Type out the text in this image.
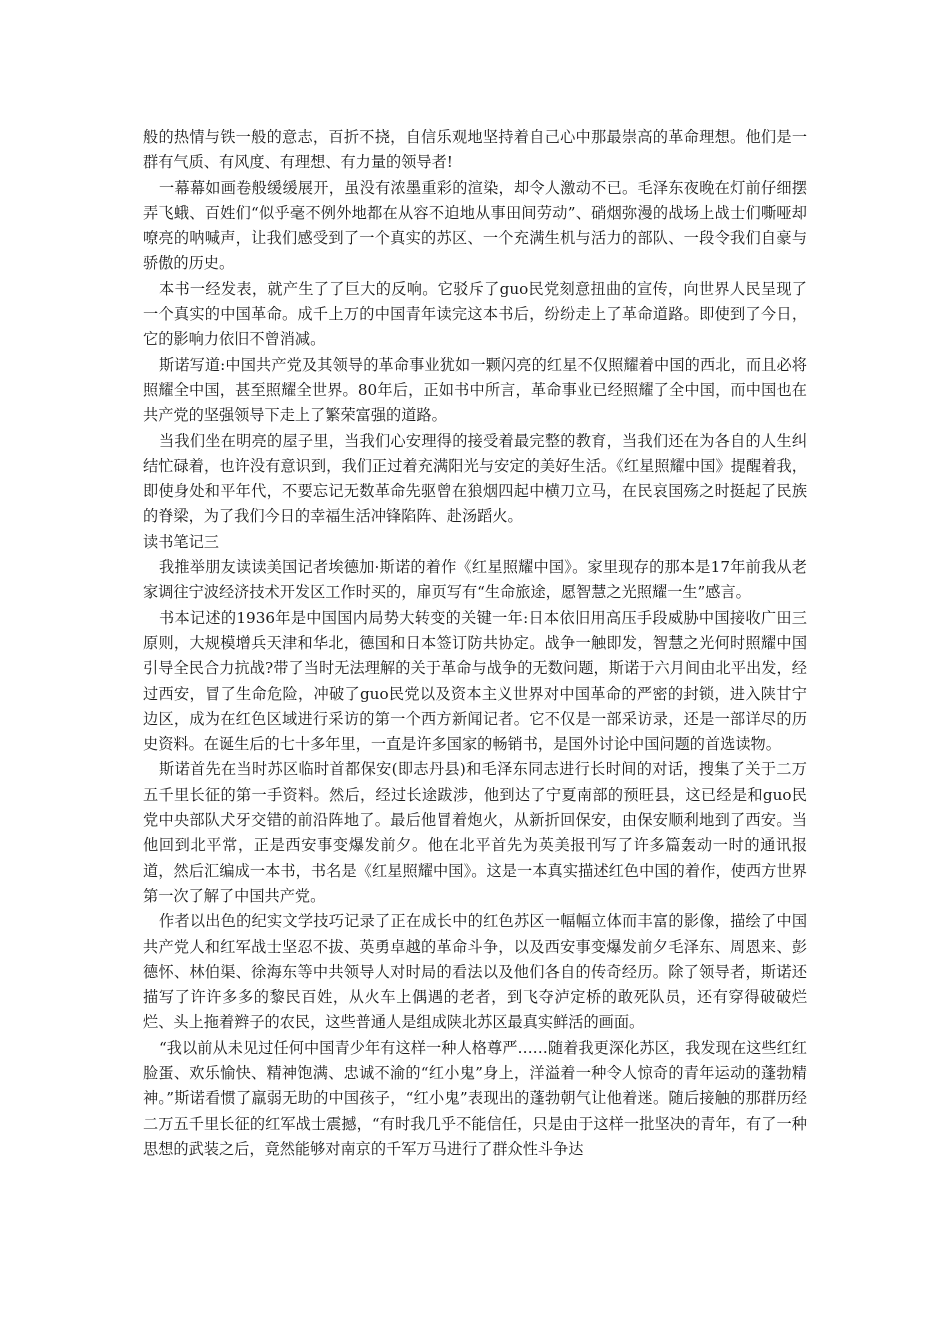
般的热情与铁一般的意志，百折不挠，自信乐观地坚持着自己心中那最崇高的革命理想。他们是一群有气质、有风度、有理想、有力量的领导者!

一幕幕如画卷般缓缓展开，虽没有浓墨重彩的渲染，却令人激动不已。毛泽东夜晚在灯前仔细摆弄飞蛾、百姓们“似乎毫不例外地都在从容不迫地从事田间劳动”、硝烟弥漫的战场上战士们嘶哑却嘹亮的呐喊声，让我们感受到了一个真实的苏区、一个充满生机与活力的部队、一段令我们自豪与骄傲的历史。

本书一经发表，就产生了了巨大的反响。它驳斥了guo民党刻意扭曲的宣传，向世界人民呈现了一个真实的中国革命。成千上万的中国青年读完这本书后，纷纷走上了革命道路。即使到了今日，它的影响力依旧不曾消减。

斯诺写道:中国共产党及其领导的革命事业犹如一颗闪亮的红星不仅照耀着中国的西北，而且必将照耀全中国，甚至照耀全世界。80年后，正如书中所言，革命事业已经照耀了全中国，而中国也在共产党的坚强领导下走上了繁荣富强的道路。

当我们坐在明亮的屋子里，当我们心安理得的接受着最完整的教育，当我们还在为各自的人生纠结忙碌着，也许没有意识到，我们正过着充满阳光与安定的美好生活。《红星照耀中国》提醒着我，即使身处和平年代，不要忘记无数革命先驱曾在狼烟四起中横刀立马，在民哀国殇之时挺起了民族的脊梁，为了我们今日的幸福生活冲锋陷阵、赴汤蹈火。

读书笔记三

我推举朋友读读美国记者埃德加·斯诺的着作《红星照耀中国》。家里现存的那本是17年前我从老家调往宁波经济技术开发区工作时买的，扉页写有“生命旅途，愿智慧之光照耀一生”感言。

书本记述的1936年是中国国内局势大转变的关键一年:日本依旧用高压手段威胁中国接收广田三原则，大规模增兵天津和华北，德国和日本签订防共协定。战争一触即发，智慧之光何时照耀中国引导全民合力抗战?带了当时无法理解的关于革命与战争的无数问题，斯诺于六月间由北平出发，经过西安，冒了生命危险，冲破了guo民党以及资本主义世界对中国革命的严密的封锁，进入陕甘宁边区，成为在红色区域进行采访的第一个西方新闻记者。它不仅是一部采访录，还是一部详尽的历史资料。在诞生后的七十多年里，一直是许多国家的畅销书，是国外讨论中国问题的首选读物。

斯诺首先在当时苏区临时首都保安(即志丹县)和毛泽东同志进行长时间的对话，搜集了关于二万五千里长征的第一手资料。然后，经过长途跋涉，他到达了宁夏南部的预旺县，这已经是和guo民党中央部队犬牙交错的前沿阵地了。最后他冒着炮火，从新折回保安，由保安顺利地到了西安。当他回到北平常，正是西安事变爆发前夕。他在北平首先为英美报刊写了许多篇轰动一时的通讯报道，然后汇编成一本书，书名是《红星照耀中国》。这是一本真实描述红色中国的着作，使西方世界第一次了解了中国共产党。

作者以出色的纪实文学技巧记录了正在成长中的红色苏区一幅幅立体而丰富的影像，描绘了中国共产党人和红军战士坚忍不拔、英勇卓越的革命斗争，以及西安事变爆发前夕毛泽东、周恩来、彭德怀、林伯渠、徐海东等中共领导人对时局的看法以及他们各自的传奇经历。除了领导者，斯诺还描写了许许多多的黎民百姓，从火车上偶遇的老者，到飞夺泸定桥的敢死队员，还有穿得破破烂烂、头上拖着辫子的农民，这些普通人是组成陕北苏区最真实鲜活的画面。

“我以前从未见过任何中国青少年有这样一种人格尊严……随着我更深化苏区，我发现在这些红红脸蛋、欢乐愉快、精神饱满、忠诚不渝的“红小鬼”身上，洋溢着一种令人惊奇的青年运动的蓬勃精神。”斯诺看惯了羸弱无助的中国孩子，“红小鬼”表现出的蓬勃朝气让他着迷。随后接触的那群历经二万五千里长征的红军战士震撼，“有时我几乎不能信任，只是由于这样一批坚决的青年，有了一种思想的武装之后，竟然能够对南京的千军万马进行了群众性斗争达
